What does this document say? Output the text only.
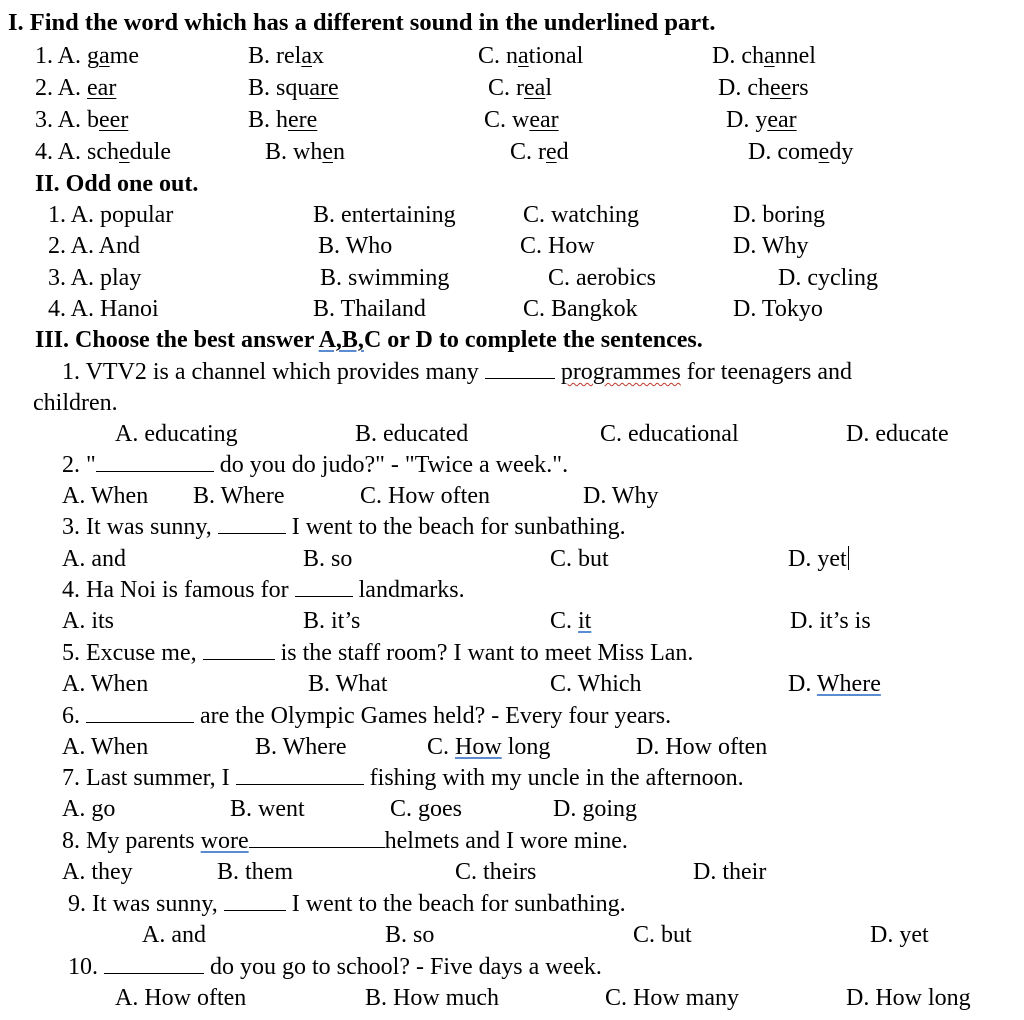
I. Find the word which has a different sound in the underlined part.
1. A. game	B. relax	C. national	D. channel
2. A. ear	B. square	C. real	D. cheers
3. A. beer	B. here	C. wear	D. year
4. A. schedule	B. when	C. red	D. comedy
II. Odd one out.
1. A. popular	B. entertaining	C. watching	D. boring
2. A. And	B. Who	C. How	D. Why
3. A. play	B. swimming	C. aerobics	D. cycling
4. A. Hanoi	B. Thailand	C. Bangkok	D. Tokyo
III. Choose the best answer A,B,C or D to complete the sentences.
1. VTV2 is a channel which provides many	programmes for teenagers and
children.
A. educating	B. educated	C. educational	D. educate
2. "	do you do judo?" - "Twice a week.".
A. When B. Where	C. How often	D. Why
3. It was sunny,	I went to the beach for sunbathing.
A. and	B. so	C. but	D. yet
4. Ha Noi is famous for  landmarks.
A. its	B. it’s	C. it	D. it’s is
5. Excuse me,	is the staff room? I want to meet Miss Lan.
A. When	B. What	C. Which	D. Where
6.	are the Olympic Games held? - Every four years.
A. When	B. Where	C. How long	D. How often
7. Last summer, I	fishing with my uncle in the afternoon.
A. go	B. went	C. goes	D. going
8. My parents wore	helmets and I wore mine.
A. they	B. them	C. theirs	D. their
9. It was sunny,	I went to the beach for sunbathing.
A. and	B. so	C. but	D. yet
10.	do you go to school? - Five days a week.
A. How often	B. How much	C. How many	D. How long
